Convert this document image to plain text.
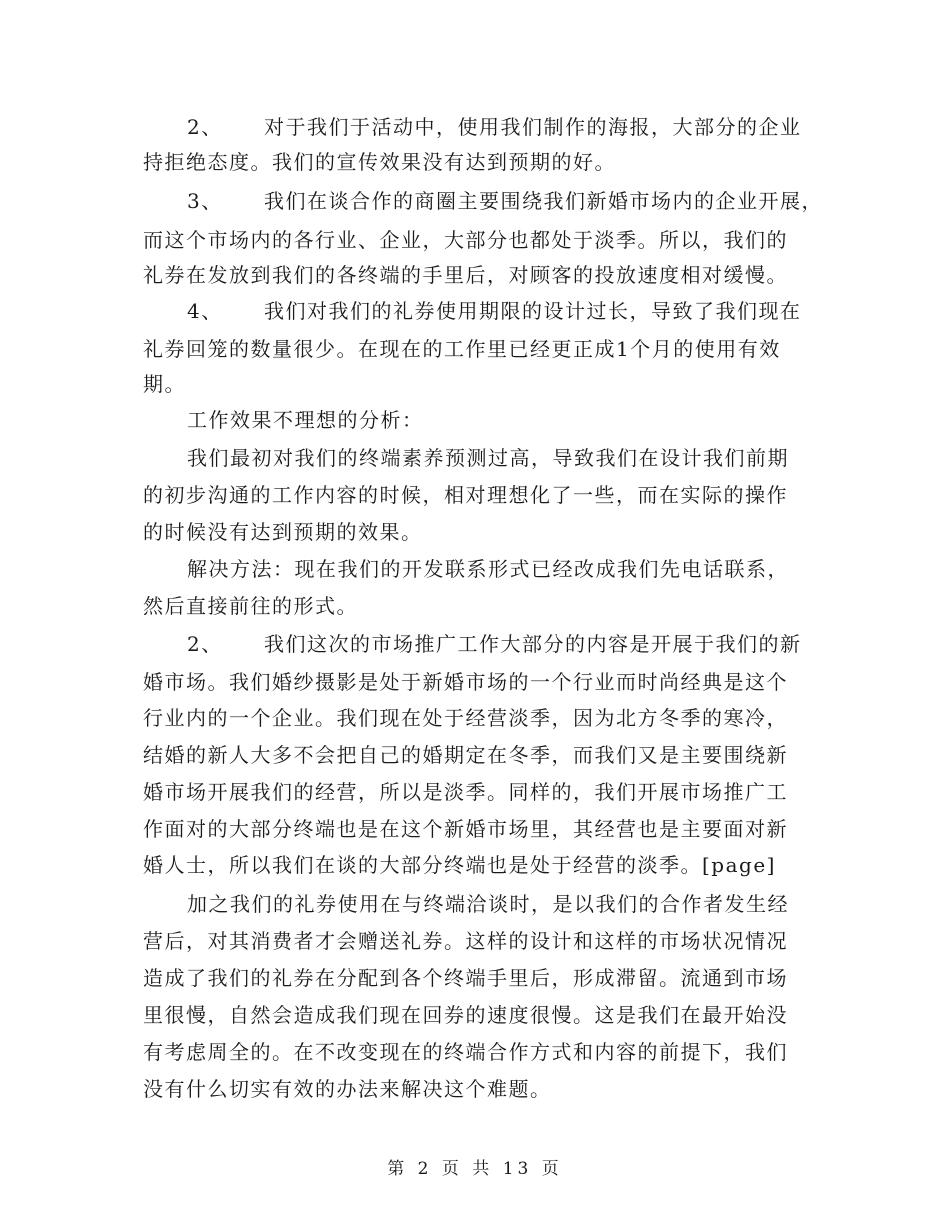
2、 对于我们于活动中，使用我们制作的海报，大部分的企业
持拒绝态度。我们的宣传效果没有达到预期的好。
3、 我们在谈合作的商圈主要围绕我们新婚市场内的企业开展，
而这个市场内的各行业、企业，大部分也都处于淡季。所以，我们的
礼券在发放到我们的各终端的手里后，对顾客的投放速度相对缓慢。
4、 我们对我们的礼券使用期限的设计过长，导致了我们现在
礼券回笼的数量很少。在现在的工作里已经更正成1个月的使用有效
期。
工作效果不理想的分析：
我们最初对我们的终端素养预测过高，导致我们在设计我们前期
的初步沟通的工作内容的时候，相对理想化了一些，而在实际的操作
的时候没有达到预期的效果。
解决方法：现在我们的开发联系形式已经改成我们先电话联系，
然后直接前往的形式。
2、 我们这次的市场推广工作大部分的内容是开展于我们的新
婚市场。我们婚纱摄影是处于新婚市场的一个行业而时尚经典是这个
行业内的一个企业。我们现在处于经营淡季，因为北方冬季的寒冷，
结婚的新人大多不会把自己的婚期定在冬季，而我们又是主要围绕新
婚市场开展我们的经营，所以是淡季。同样的，我们开展市场推广工
作面对的大部分终端也是在这个新婚市场里，其经营也是主要面对新
婚人士，所以我们在谈的大部分终端也是处于经营的淡季。[page]
加之我们的礼券使用在与终端洽谈时，是以我们的合作者发生经
营后，对其消费者才会赠送礼券。这样的设计和这样的市场状况情况
造成了我们的礼券在分配到各个终端手里后，形成滞留。流通到市场
里很慢，自然会造成我们现在回券的速度很慢。这是我们在最开始没
有考虑周全的。在不改变现在的终端合作方式和内容的前提下，我们
没有什么切实有效的办法来解决这个难题。
第 2 页 共 13 页
